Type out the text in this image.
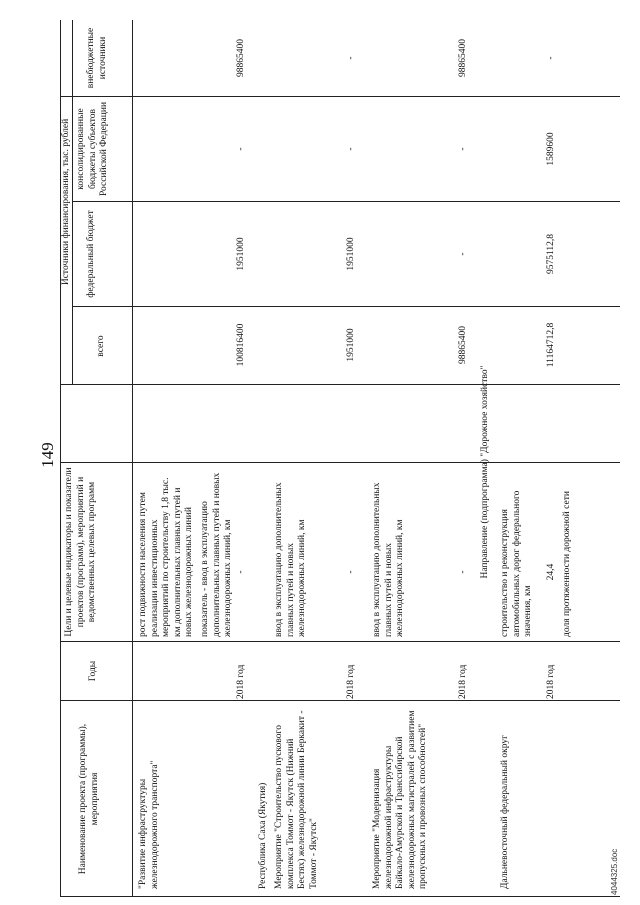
149
4044325.doc
Наименование проекта (программы), мероприятия
Годы
Цели и целевые индикаторы и показатели проектов (программ), мероприятий и ведомственных целевых программ
Источники финансирования, тыс. рублей
всего
федеральный бюджет
консолидированные бюджеты субъектов Российской Федерации
внебюджетные источники
"Развитие инфраструктуры железнодорожного транспорта"
рост подвижности населения путем реализации инвестиционных мероприятий по строительству 1,8 тыс. км дополнительных главных путей и новых железнодорожных линий показатель - ввод в эксплуатацию дополнительных главных путей и новых железнодорожных линий, км
2018 год
-
100816400
1951000
-
98865400
Республика Саха (Якутия) Мероприятие "Строительство пускового комплекса Томмот - Якутск (Нижний Бестях) железнодорожной линии Беркакит - Томмот - Якутск"
ввод в эксплуатацию дополнительных главных путей и новых железнодорожных линий, км
2018 год
-
1951000
1951000
-
-
Мероприятие "Модернизация железнодорожной инфраструктуры Байкало-Амурской и Транссибирской железнодорожных магистралей с развитием пропускных и провозных способностей"
ввод в эксплуатацию дополнительных главных путей и новых железнодорожных линий, км
2018 год
-
98865400
-
-
98865400
Направление (подпрограмма) "Дорожное хозяйство"
Дальневосточный федеральный округ
строительство и реконструкция автомобильных дорог федерального значения, км
2018 год
24,4
11164712,8
9575112,8
1589600
-
доля протяженности дорожной сети
